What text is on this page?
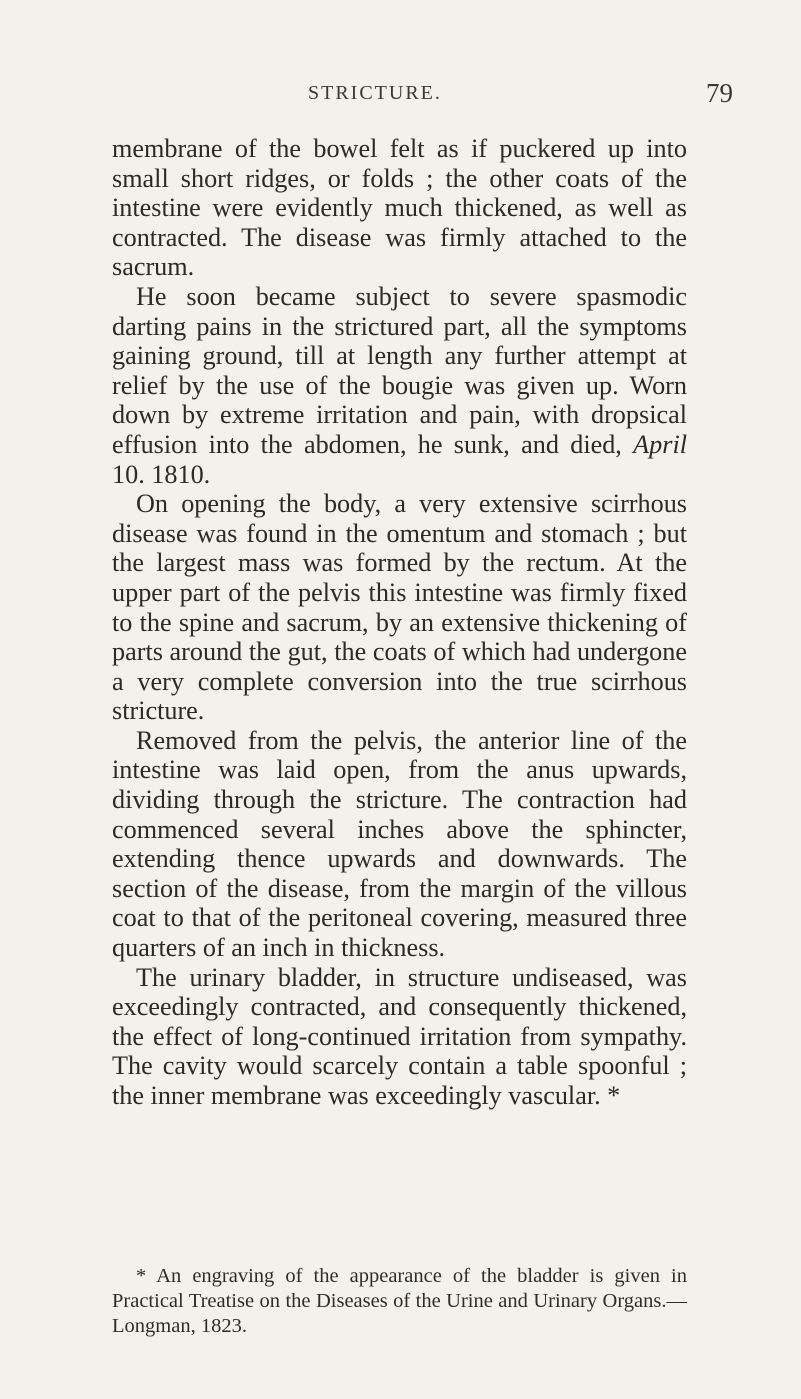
STRICTURE.	79

membrane of the bowel felt as if puckered up into small short ridges, or folds ; the other coats of the intestine were evidently much thickened, as well as contracted. The disease was firmly attached to the sacrum.

He soon became subject to severe spasmodic darting pains in the strictured part, all the symptoms gaining ground, till at length any further attempt at relief by the use of the bougie was given up. Worn down by extreme irritation and pain, with dropsical effusion into the abdomen, he sunk, and died, April 10. 1810.

On opening the body, a very extensive scirrhous disease was found in the omentum and stomach ; but the largest mass was formed by the rectum. At the upper part of the pelvis this intestine was firmly fixed to the spine and sacrum, by an extensive thickening of parts around the gut, the coats of which had undergone a very complete conversion into the true scirrhous stricture.

Removed from the pelvis, the anterior line of the intestine was laid open, from the anus upwards, dividing through the stricture. The contraction had commenced several inches above the sphincter, extending thence upwards and downwards. The section of the disease, from the margin of the villous coat to that of the peritoneal covering, measured three quarters of an inch in thickness.

The urinary bladder, in structure undiseased, was exceedingly contracted, and consequently thickened, the effect of long-continued irritation from sympathy. The cavity would scarcely contain a table spoonful ; the inner membrane was exceedingly vascular. *

* An engraving of the appearance of the bladder is given in Practical Treatise on the Diseases of the Urine and Urinary Organs.—Longman, 1823.
